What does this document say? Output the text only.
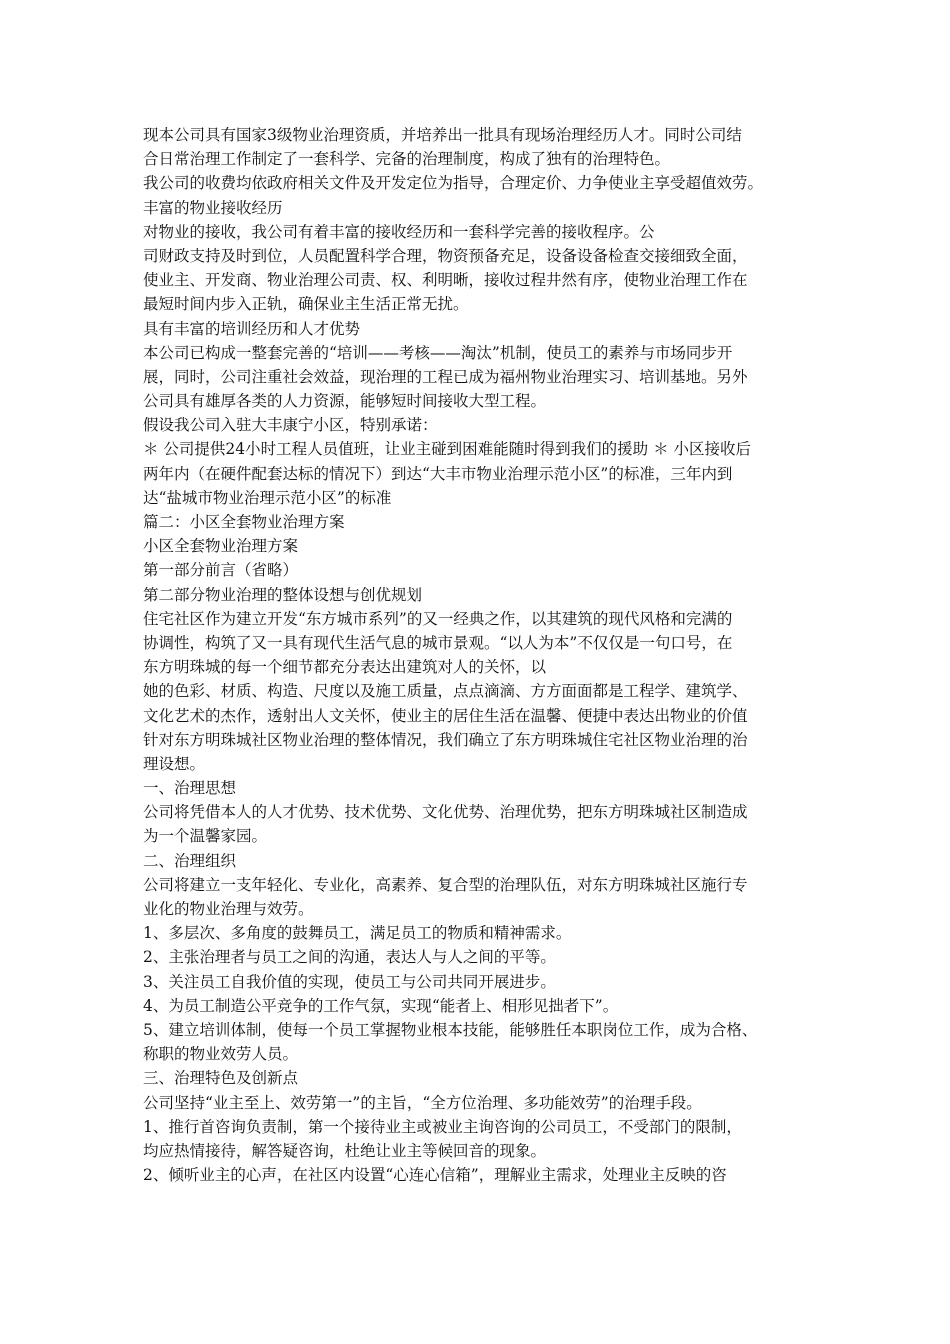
现本公司具有国家3级物业治理资质，并培养出一批具有现场治理经历人才。同时公司结
合日常治理工作制定了一套科学、完备的治理制度，构成了独有的治理特色。
我公司的收费均依政府相关文件及开发定位为指导，合理定价、力争使业主享受超值效劳。
丰富的物业接收经历
对物业的接收，我公司有着丰富的接收经历和一套科学完善的接收程序。公
司财政支持及时到位，人员配置科学合理，物资预备充足，设备设备检查交接细致全面，
使业主、开发商、物业治理公司责、权、利明晰，接收过程井然有序，使物业治理工作在
最短时间内步入正轨，确保业主生活正常无扰。
具有丰富的培训经历和人才优势
本公司已构成一整套完善的“培训——考核——淘汰”机制，使员工的素养与市场同步开
展，同时，公司注重社会效益，现治理的工程已成为福州物业治理实习、培训基地。另外
公司具有雄厚各类的人力资源，能够短时间接收大型工程。
假设我公司入驻大丰康宁小区，特别承诺：
＊ 公司提供24小时工程人员值班，让业主碰到困难能随时得到我们的援助 ＊ 小区接收后
两年内（在硬件配套达标的情况下）到达“大丰市物业治理示范小区”的标准，三年内到
达“盐城市物业治理示范小区”的标准
篇二：小区全套物业治理方案
小区全套物业治理方案
第一部分前言（省略）
第二部分物业治理的整体设想与创优规划
住宅社区作为建立开发“东方城市系列”的又一经典之作，以其建筑的现代风格和完满的
协调性，构筑了又一具有现代生活气息的城市景观。“以人为本”不仅仅是一句口号，在
东方明珠城的每一个细节都充分表达出建筑对人的关怀，以
她的色彩、材质、构造、尺度以及施工质量，点点滴滴、方方面面都是工程学、建筑学、
文化艺术的杰作，透射出人文关怀，使业主的居住生活在温馨、便捷中表达出物业的价值
针对东方明珠城社区物业治理的整体情况，我们确立了东方明珠城住宅社区物业治理的治
理设想。
一、治理思想
公司将凭借本人的人才优势、技术优势、文化优势、治理优势，把东方明珠城社区制造成
为一个温馨家园。
二、治理组织
公司将建立一支年轻化、专业化，高素养、复合型的治理队伍，对东方明珠城社区施行专
业化的物业治理与效劳。
1、多层次、多角度的鼓舞员工，满足员工的物质和精神需求。
2、主张治理者与员工之间的沟通，表达人与人之间的平等。
3、关注员工自我价值的实现，使员工与公司共同开展进步。
4、为员工制造公平竞争的工作气氛，实现“能者上、相形见拙者下”。
5、建立培训体制，使每一个员工掌握物业根本技能，能够胜任本职岗位工作，成为合格、
称职的物业效劳人员。
三、治理特色及创新点
公司坚持“业主至上、效劳第一”的主旨，“全方位治理、多功能效劳”的治理手段。
1、推行首咨询负责制，第一个接待业主或被业主询咨询的公司员工，不受部门的限制，
均应热情接待，解答疑咨询，杜绝让业主等候回音的现象。
2、倾听业主的心声，在社区内设置“心连心信箱”，理解业主需求，处理业主反映的咨
